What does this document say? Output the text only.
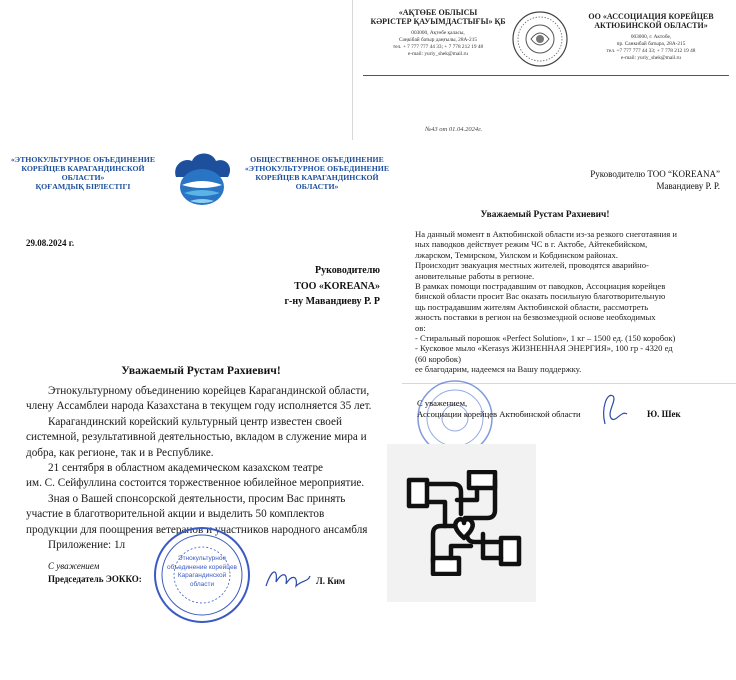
«АҚТӨБЕ ОБЛЫСЫ
КӘРІСТЕР ҚАУЫМДАСТЫҒЫ» ҚБ
003000, Ақтөбе қаласы,
Сәңкібай батыр даңғылы, 28А-215
тел. + 7 777 777 44 33; + 7 778 212 19 48
e-mail: yuriy_shek@mail.ru
ОО «АССОЦИАЦИЯ КОРЕЙЦЕВ
АКТЮБИНСКОЙ ОБЛАСТИ»
003000, г. Актобе,
пр. Санкибай батыра, 28А-215
тел. +7 777 777 44 33; + 7 778 212 19 48
e-mail: yuriy_shek@mail.ru
№43 от 01.04.2024г.
Руководителю ТОО “KOREANA”
Мавандиеву Р. Р.
Уважаемый Рустам Рахиевич!
На данный момент в Актюбинской области из-за резкого снеготаяния и
ных паводков действует режим ЧС в г. Актобе, Айтекебийском,
лжарском, Темирском, Уилском и Кобдинском районах.
Происходит эвакуация местных жителей, проводятся аварийно-
ановительные работы в регионе.
В рамках помощи пострадавшим от паводков, Ассоциация корейцев
бинской области просит Вас оказать посильную благотворительную
щь пострадавшим жителям Актюбинской области, рассмотреть
жность поставки в регион на безвозмездной основе необходимых
ов:
- Стиральный порошок «Perfect Solution», 1 кг – 1500 ед. (150 коробок)
- Кусковое мыло «Kerasys ЖИЗНЕННАЯ ЭНЕРГИЯ», 100 гр - 4320 ед
(60 коробок)
ее благодарим, надеемся на Вашу поддержку.
С уважением,
Ассоциации корейцев Актюбинской области	Ю. Шек
«ЭТНОКУЛЬТУРНОЕ ОБЪЕДИНЕНИЕ
КОРЕЙЦЕВ КАРАГАНДИНСКОЙ
ОБЛАСТИ»
ҚОҒАМДЫҚ БІРЛЕСТІГІ
ОБЩЕСТВЕННОЕ ОБЪЕДИНЕНИЕ
«ЭТНОКУЛЬТУРНОЕ ОБЪЕДИНЕНИЕ
КОРЕЙЦЕВ КАРАГАНДИНСКОЙ
ОБЛАСТИ»
29.08.2024 г.
Руководителю
ТОО «KOREANA»
г-ну Мавандиеву Р. Р
Уважаемый Рустам Рахиевич!
Этнокультурному объединению корейцев Карагандинской области,
члену Ассамблеи народа Казахстана в текущем году исполняется 35 лет.
Карагандинский корейский культурный центр известен своей
системной, результативной деятельностью, вкладом в служение мира и
добра, как регионе, так и в Республике.
21 сентября в областном академическом казахском театре
им. С. Сейфуллина состоится торжественное юбилейное мероприятие.
Зная о Вашей спонсорской деятельности, просим Вас принять
участие в благотворительной акции и выделить 50 комплектов
продукции для поощрения ветеранов и участников народного ансамбля
Приложение: 1л
С уважением
Председатель ЭОККО:
Этнокультурное
объединение корейцев
Карагандинской
области	Л. Ким
